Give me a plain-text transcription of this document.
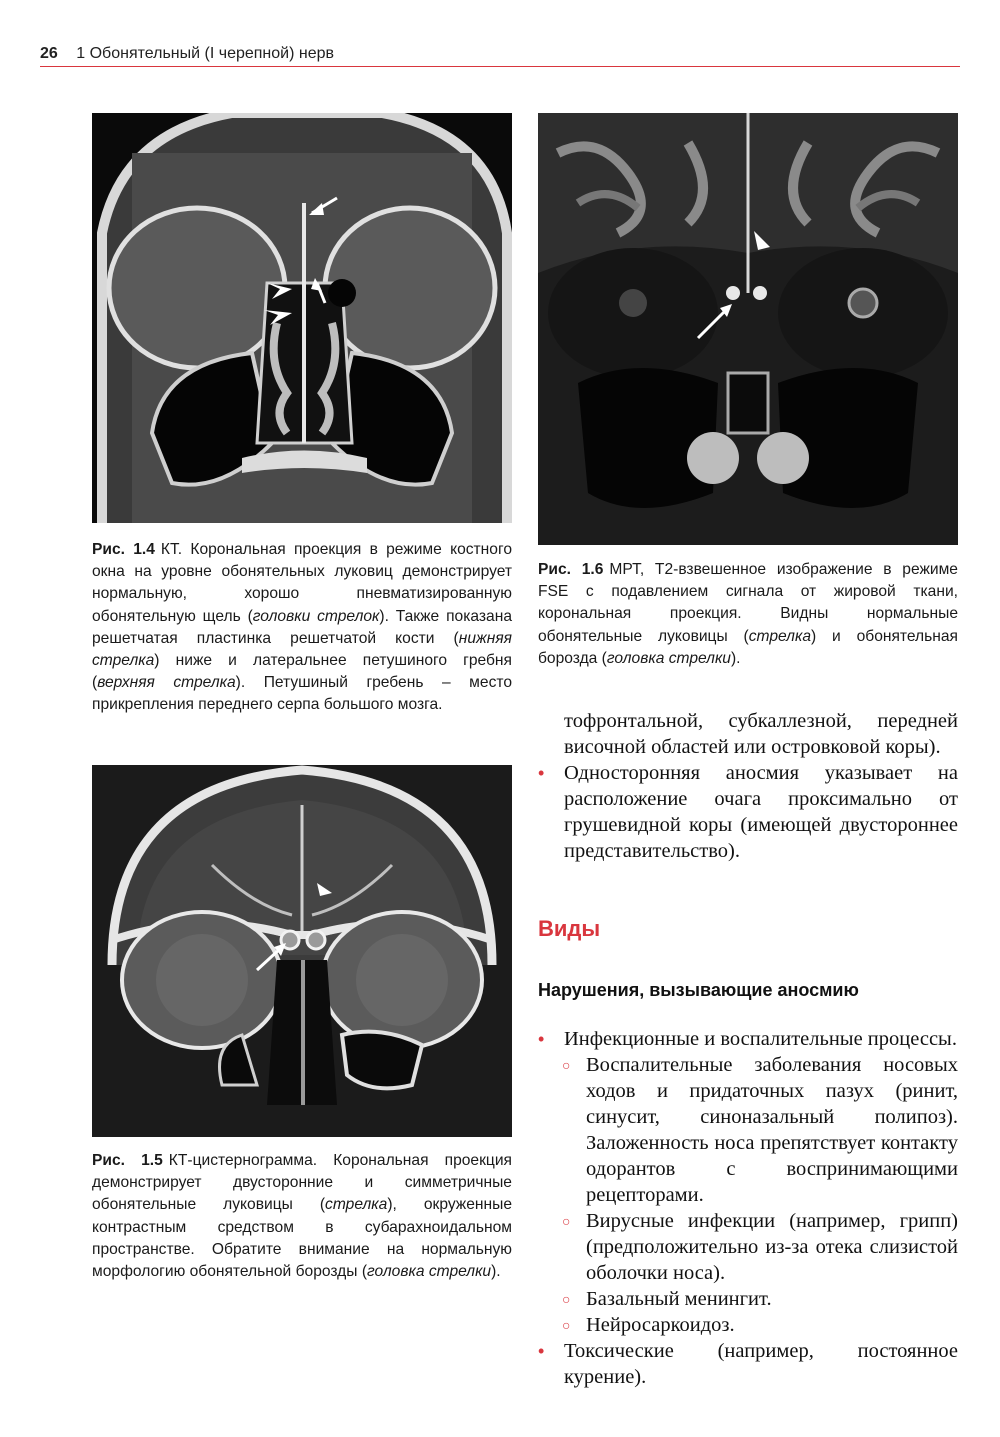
26 1 Обонятельный (I черепной) нерв
Рис. 1.4 КТ. Корональная проекция в режиме костного окна на уровне обонятельных луковиц демонстрирует нормальную, хорошо пневматизированную обонятельную щель (головки стрелок). Также показана решетчатая пластинка решетчатой кости (нижняя стрелка) ниже и латеральнее петушиного гребня (верхняя стрелка). Петушиный гребень – место прикрепления переднего серпа большого мозга.
Рис. 1.5 КТ-цистернограмма. Корональная проекция демонстрирует двусторонние и симметричные обонятельные луковицы (стрелка), окруженные контрастным средством в субарахноидальном пространстве. Обратите внимание на нормальную морфологию обонятельной борозды (головка стрелки).
Рис. 1.6 МРТ, Т2-взвешенное изображение в режиме FSE с подавлением сигнала от жировой ткани, корональная проекция. Видны нормальные обонятельные луковицы (стрелка) и обонятельная борозда (головка стрелки).
тофронтальной, субкаллезной, передней височной областей или островковой коры).
• Односторонняя аносмия указывает на расположение очага проксимально от грушевидной коры (имеющей двустороннее представительство).
Виды
Нарушения, вызывающие аносмию
• Инфекционные и воспалительные процессы.
○ Воспалительные заболевания носовых ходов и придаточных пазух (ринит, синусит, синоназальный полипоз). Заложенность носа препятствует контакту одорантов с воспринимающими рецепторами.
○ Вирусные инфекции (например, грипп) (предположительно из-за отека слизистой оболочки носа).
○ Базальный менингит.
○ Нейросаркоидоз.
• Токсические (например, постоянное курение).
